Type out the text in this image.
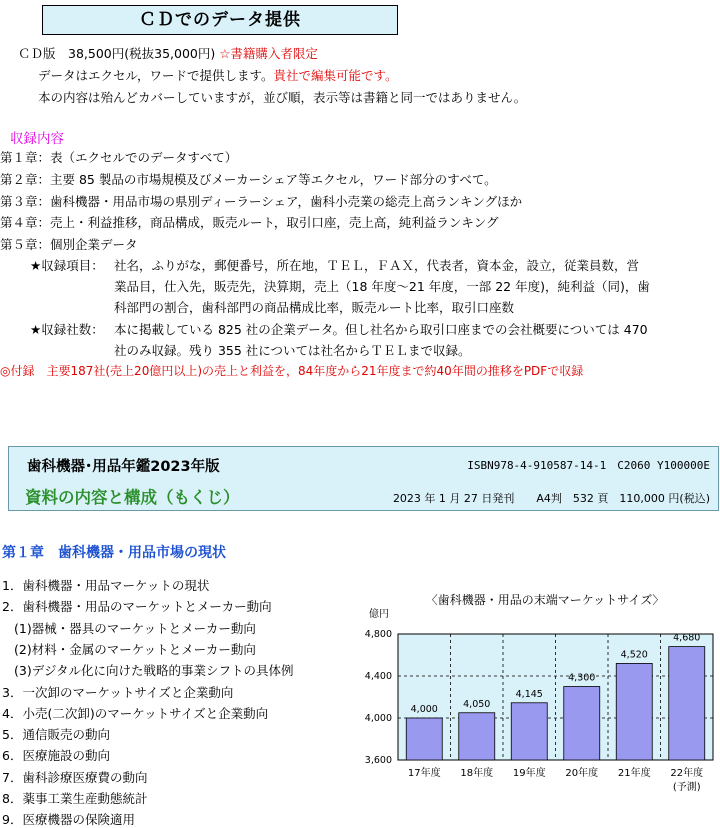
ＣＤでのデータ提供
ＣＤ版　38,500円(税抜35,000円) ☆書籍購入者限定
データはエクセル，ワードで提供します。貴社で編集可能です。
本の内容は殆んどカバーしていますが，並び順，表示等は書籍と同一ではありません。
収録内容
第１章：表（エクセルでのデータすべて）
第２章：主要 85 製品の市場規模及びメーカーシェア等エクセル，ワード部分のすべて。
第３章：歯科機器・用品市場の県別ディーラーシェア，歯科小売業の総売上高ランキングほか
第４章：売上・利益推移，商品構成，販売ルート，取引口座，売上高，純利益ランキング
第５章：個別企業データ
★収録項目： 社名，ふりがな，郵便番号，所在地，ＴＥＬ，ＦＡＸ，代表者，資本金，設立，従業員数，営
業品目，仕入先，販売先，決算期，売上（18 年度～21 年度，一部 22 年度)，純利益（同)，歯
科部門の割合，歯科部門の商品構成比率，販売ルート比率，取引口座数
★収録社数： 本に掲載している 825 社の企業データ。但し社名から取引口座までの会社概要については 470
社のみ収録。残り 355 社については社名からＴＥＬまで収録。
◎付録　主要187社(売上20億円以上)の売上と利益を，84年度から21年度まで約40年間の推移をPDFで収録
歯科機器･用品年鑑2023年版	ISBN978-4-910587-14-1　C2060 Y100000E
資料の内容と構成（もくじ）	2023 年 1 月 27 日発刊　　A4判　532 頁　110,000 円(税込)
第１章　歯科機器・用品市場の現状
1．歯科機器・用品マーケットの現状
2．歯科機器・用品のマーケットとメーカー動向
(1)器械・器具のマーケットとメーカー動向
(2)材料・金属のマーケットとメーカー動向
(3)デジタル化に向けた戦略的事業シフトの具体例
3．一次卸のマーケットサイズと企業動向
4．小売(二次卸)のマーケットサイズと企業動向
5．通信販売の動向
6．医療施設の動向
7．歯科診療医療費の動向
8．薬事工業生産動態統計
9．医療機器の保険適用
〈歯科機器・用品の末端マーケットサイズ〉
億円
3,600
4,000
4,400
4,800
4,000
17年度
4,050
18年度
4,145
19年度
4,300
20年度
4,520
21年度
4,680
22年度
(予測)
